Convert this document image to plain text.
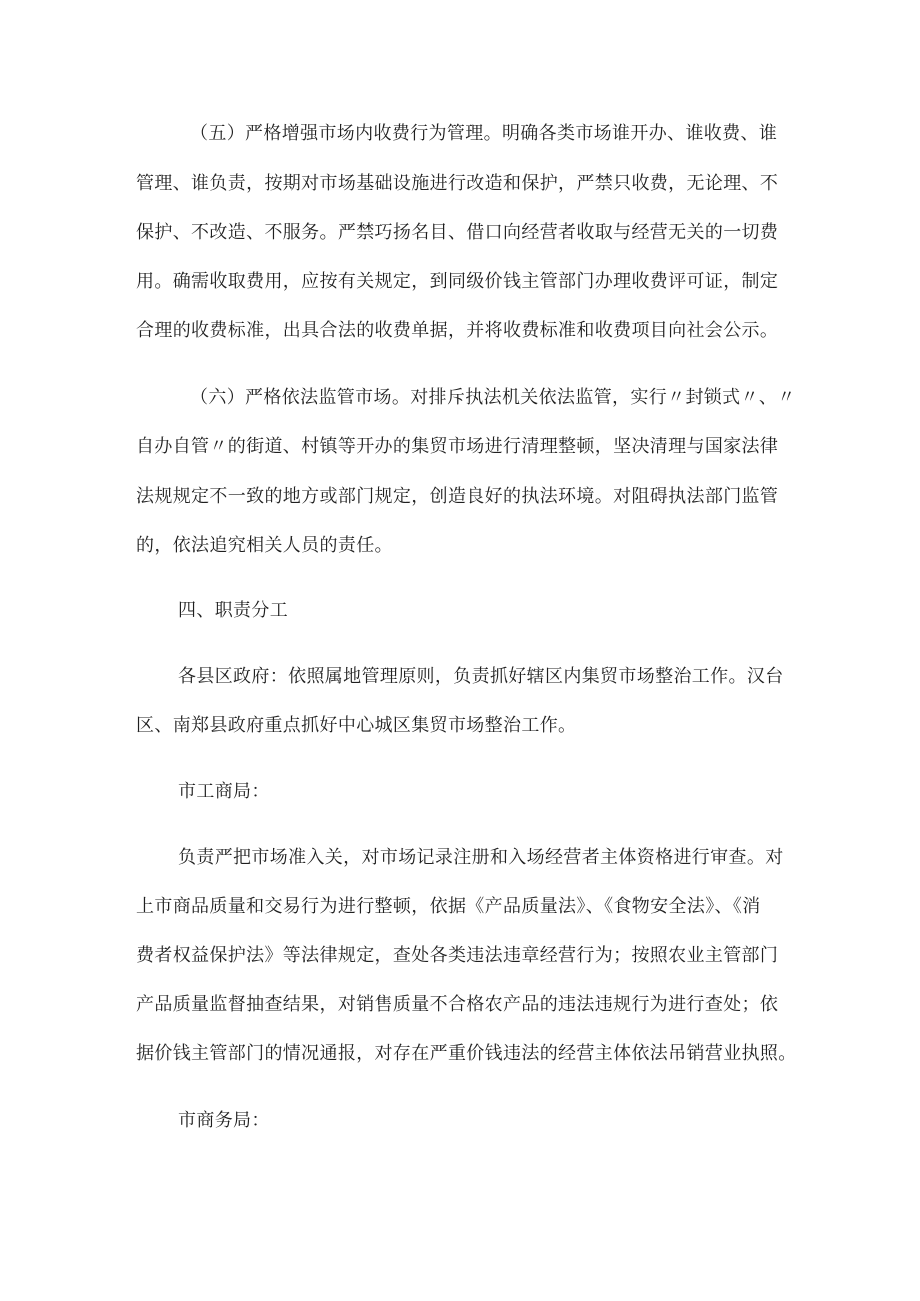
（五）严格增强市场内收费行为管理。明确各类市场谁开办、谁收费、谁

管理、谁负责，按期对市场基础设施进行改造和保护，严禁只收费，无论理、不

保护、不改造、不服务。严禁巧扬名目、借口向经营者收取与经营无关的一切费

用。确需收取费用，应按有关规定，到同级价钱主管部门办理收费评可证，制定

合理的收费标准，出具合法的收费单据，并将收费标准和收费项目向社会公示。

（六）严格依法监管市场。对排斥执法机关依法监管，实行〃封锁式〃、〃

自办自管〃的街道、村镇等开办的集贸市场进行清理整顿，坚决清理与国家法律

法规规定不一致的地方或部门规定，创造良好的执法环境。对阻碍执法部门监管

的，依法追究相关人员的责任。

四、职责分工

各县区政府：依照属地管理原则，负责抓好辖区内集贸市场整治工作。汉台

区、南郑县政府重点抓好中心城区集贸市场整治工作。

市工商局：

负责严把市场准入关，对市场记录注册和入场经营者主体资格进行审查。对

上市商品质量和交易行为进行整顿，依据《产品质量法》、《食物安全法》、《消

费者权益保护法》等法律规定，查处各类违法违章经营行为；按照农业主管部门

产品质量监督抽查结果，对销售质量不合格农产品的违法违规行为进行查处；依

据价钱主管部门的情况通报，对存在严重价钱违法的经营主体依法吊销营业执照。

市商务局：
